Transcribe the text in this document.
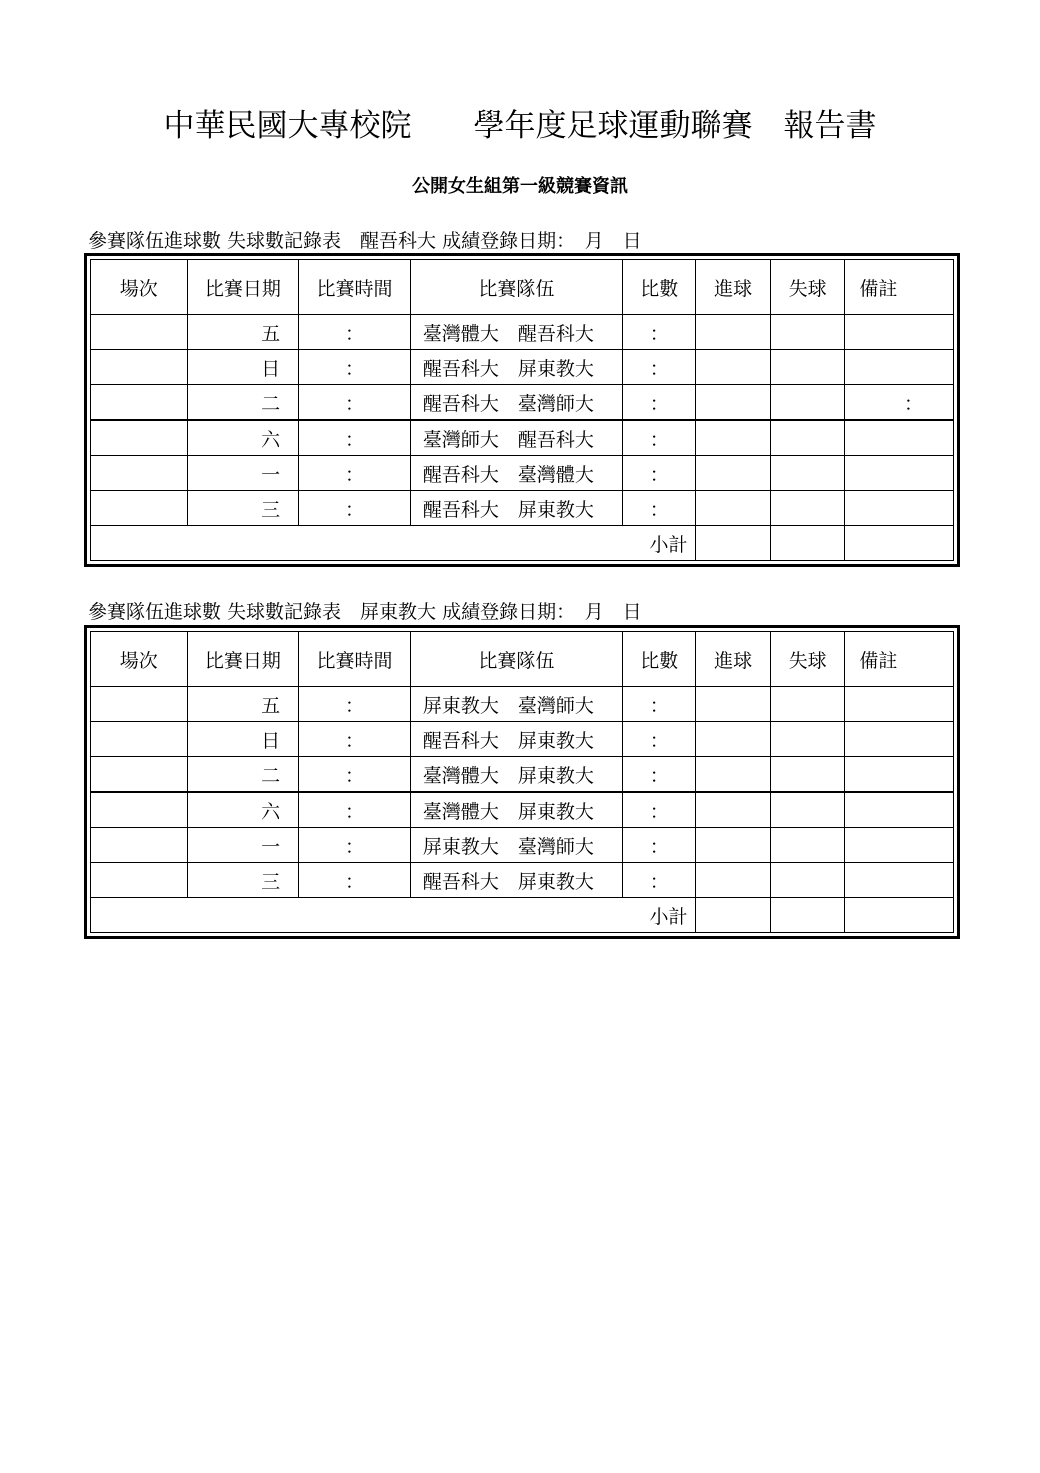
中華民國大專校院　　學年度足球運動聯賽　報告書
公開女生組第一級競賽資訊
參賽隊伍進球數 失球數記錄表　醒吾科大 成績登錄日期：　月　日
場次	比賽日期	比賽時間	比賽隊伍	比數	進球	失球	備註
	五	：	臺灣體大　醒吾科大	：			
	日	：	醒吾科大　屏東教大	：			
	二	：	醒吾科大　臺灣師大	：			：
	六	：	臺灣師大　醒吾科大	：			
	一	：	醒吾科大　臺灣體大	：			
	三	：	醒吾科大　屏東教大	：			
小計							
參賽隊伍進球數 失球數記錄表　屏東教大 成績登錄日期：　月　日
場次	比賽日期	比賽時間	比賽隊伍	比數	進球	失球	備註
	五	：	屏東教大　臺灣師大	：			
	日	：	醒吾科大　屏東教大	：			
	二	：	臺灣體大　屏東教大	：			
	六	：	臺灣體大　屏東教大	：			
	一	：	屏東教大　臺灣師大	：			
	三	：	醒吾科大　屏東教大	：			
小計							
